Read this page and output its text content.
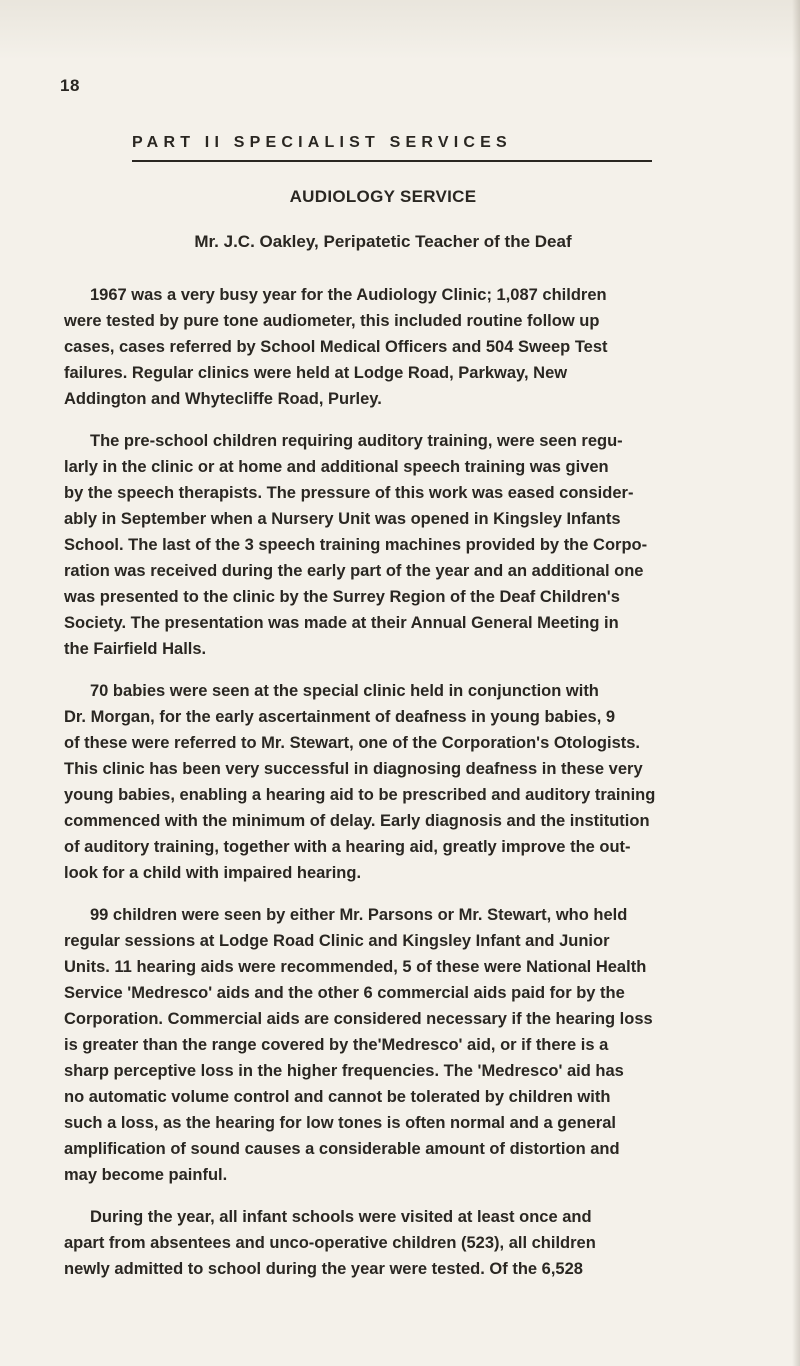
18
PART II SPECIALIST SERVICES
AUDIOLOGY SERVICE
Mr. J.C. Oakley, Peripatetic Teacher of the Deaf
1967 was a very busy year for the Audiology Clinic; 1,087 children
were tested by pure tone audiometer, this included routine follow up
cases, cases referred by School Medical Officers and 504 Sweep Test
failures. Regular clinics were held at Lodge Road, Parkway, New
Addington and Whytecliffe Road, Purley.
The pre-school children requiring auditory training, were seen regu-
larly in the clinic or at home and additional speech training was given
by the speech therapists. The pressure of this work was eased consider-
ably in September when a Nursery Unit was opened in Kingsley Infants
School. The last of the 3 speech training machines provided by the Corpo-
ration was received during the early part of the year and an additional one
was presented to the clinic by the Surrey Region of the Deaf Children's
Society. The presentation was made at their Annual General Meeting in
the Fairfield Halls.
70 babies were seen at the special clinic held in conjunction with
Dr. Morgan, for the early ascertainment of deafness in young babies, 9
of these were referred to Mr. Stewart, one of the Corporation's Otologists.
This clinic has been very successful in diagnosing deafness in these very
young babies, enabling a hearing aid to be prescribed and auditory training
commenced with the minimum of delay. Early diagnosis and the institution
of auditory training, together with a hearing aid, greatly improve the out-
look for a child with impaired hearing.
99 children were seen by either Mr. Parsons or Mr. Stewart, who held
regular sessions at Lodge Road Clinic and Kingsley Infant and Junior
Units. 11 hearing aids were recommended, 5 of these were National Health
Service 'Medresco' aids and the other 6 commercial aids paid for by the
Corporation. Commercial aids are considered necessary if the hearing loss
is greater than the range covered by the'Medresco' aid, or if there is a
sharp perceptive loss in the higher frequencies. The 'Medresco' aid has
no automatic volume control and cannot be tolerated by children with
such a loss, as the hearing for low tones is often normal and a general
amplification of sound causes a considerable amount of distortion and
may become painful.
During the year, all infant schools were visited at least once and
apart from absentees and unco-operative children (523), all children
newly admitted to school during the year were tested. Of the 6,528
